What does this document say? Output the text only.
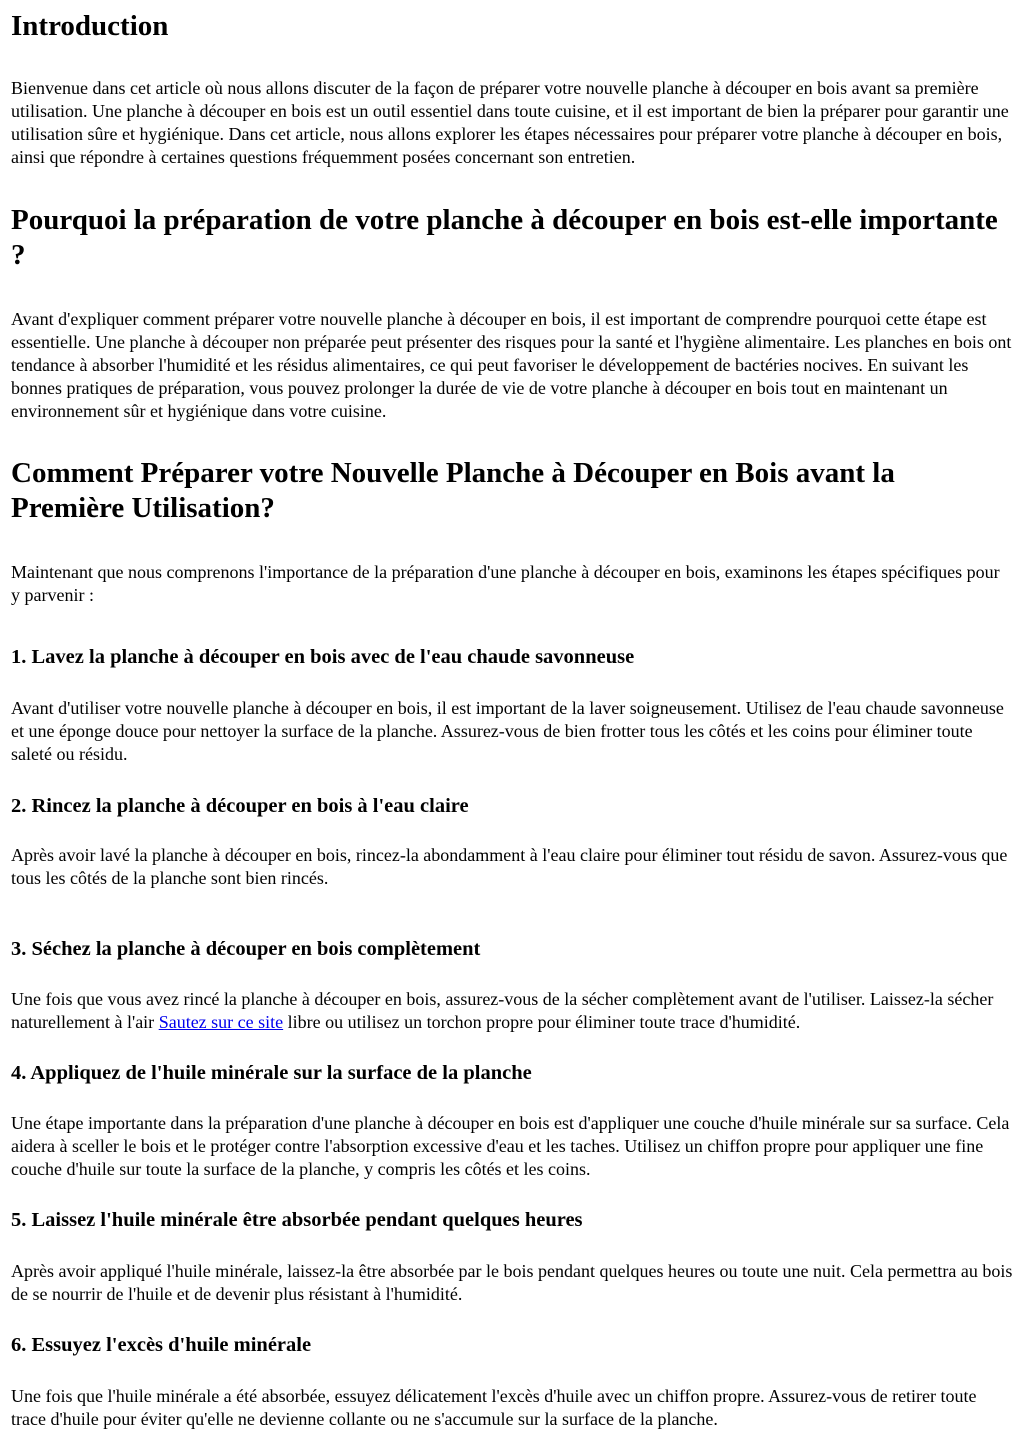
Introduction

Bienvenue dans cet article où nous allons discuter de la façon de préparer votre nouvelle planche à découper en bois avant sa première utilisation. Une planche à découper en bois est un outil essentiel dans toute cuisine, et il est important de bien la préparer pour garantir une utilisation sûre et hygiénique. Dans cet article, nous allons explorer les étapes nécessaires pour préparer votre planche à découper en bois, ainsi que répondre à certaines questions fréquemment posées concernant son entretien.

Pourquoi la préparation de votre planche à découper en bois est-elle importante ?

Avant d'expliquer comment préparer votre nouvelle planche à découper en bois, il est important de comprendre pourquoi cette étape est essentielle. Une planche à découper non préparée peut présenter des risques pour la santé et l'hygiène alimentaire. Les planches en bois ont tendance à absorber l'humidité et les résidus alimentaires, ce qui peut favoriser le développement de bactéries nocives. En suivant les bonnes pratiques de préparation, vous pouvez prolonger la durée de vie de votre planche à découper en bois tout en maintenant un environnement sûr et hygiénique dans votre cuisine.

Comment Préparer votre Nouvelle Planche à Découper en Bois avant la Première Utilisation?

Maintenant que nous comprenons l'importance de la préparation d'une planche à découper en bois, examinons les étapes spécifiques pour y parvenir :

1. Lavez la planche à découper en bois avec de l'eau chaude savonneuse

Avant d'utiliser votre nouvelle planche à découper en bois, il est important de la laver soigneusement. Utilisez de l'eau chaude savonneuse et une éponge douce pour nettoyer la surface de la planche. Assurez-vous de bien frotter tous les côtés et les coins pour éliminer toute saleté ou résidu.

2. Rincez la planche à découper en bois à l'eau claire

Après avoir lavé la planche à découper en bois, rincez-la abondamment à l'eau claire pour éliminer tout résidu de savon. Assurez-vous que tous les côtés de la planche sont bien rincés.

3. Séchez la planche à découper en bois complètement

Une fois que vous avez rincé la planche à découper en bois, assurez-vous de la sécher complètement avant de l'utiliser. Laissez-la sécher naturellement à l'air Sautez sur ce site libre ou utilisez un torchon propre pour éliminer toute trace d'humidité.

4. Appliquez de l'huile minérale sur la surface de la planche

Une étape importante dans la préparation d'une planche à découper en bois est d'appliquer une couche d'huile minérale sur sa surface. Cela aidera à sceller le bois et le protéger contre l'absorption excessive d'eau et les taches. Utilisez un chiffon propre pour appliquer une fine couche d'huile sur toute la surface de la planche, y compris les côtés et les coins.

5. Laissez l'huile minérale être absorbée pendant quelques heures

Après avoir appliqué l'huile minérale, laissez-la être absorbée par le bois pendant quelques heures ou toute une nuit. Cela permettra au bois de se nourrir de l'huile et de devenir plus résistant à l'humidité.

6. Essuyez l'excès d'huile minérale

Une fois que l'huile minérale a été absorbée, essuyez délicatement l'excès d'huile avec un chiffon propre. Assurez-vous de retirer toute trace d'huile pour éviter qu'elle ne devienne collante ou ne s'accumule sur la surface de la planche.
